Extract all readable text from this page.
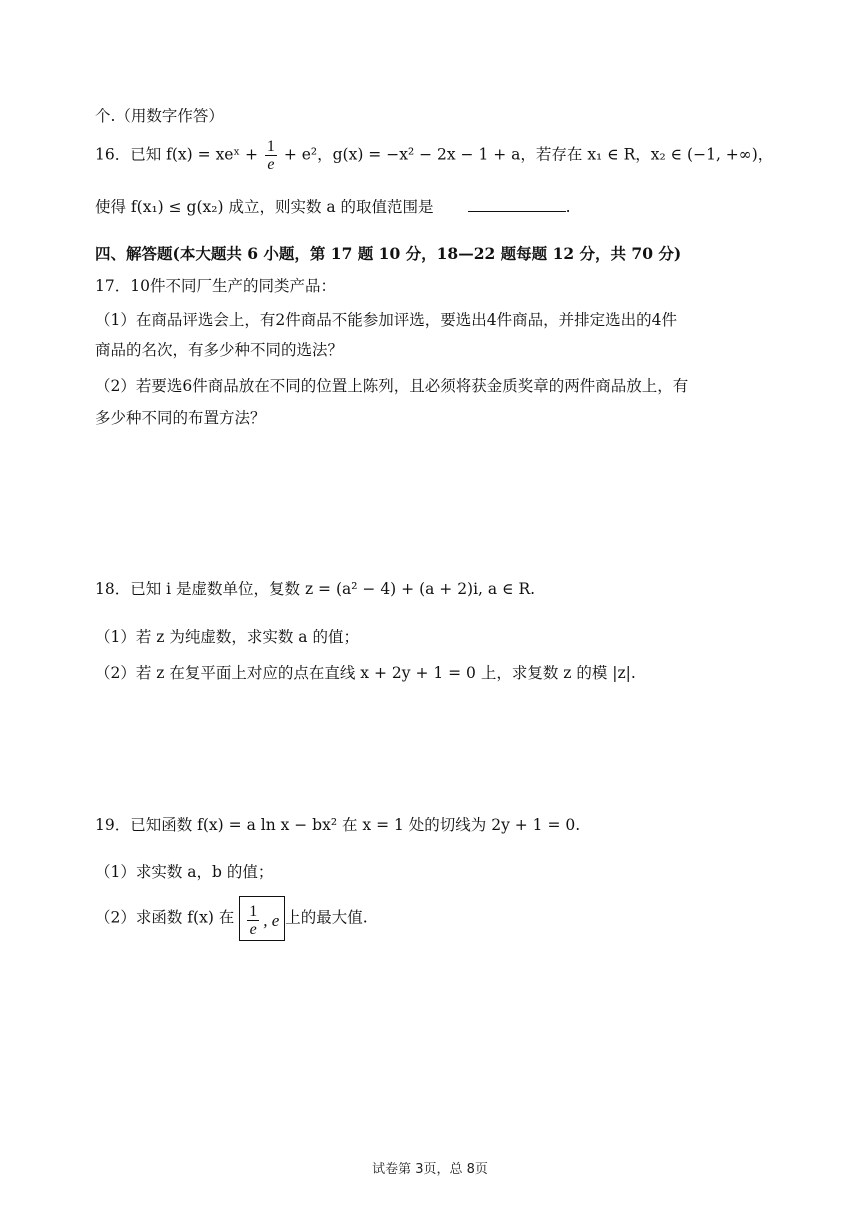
个.（用数字作答）
16．已知 f(x) = xeˣ + $\frac{1}{e} + e^2$，g(x) = −x² − 2x − 1 + a，若存在 x₁ ∈ R，x₂ ∈ (−1, +∞)，
使得 f(x₁) ≤ g(x₂) 成立，则实数 a 的取值范围是	.
四、解答题(本大题共 6 小题，第 17 题 10 分，18—22 题每题 12 分，共 70 分)
17．10件不同厂生产的同类产品：
（1）在商品评选会上，有2件商品不能参加评选，要选出4件商品，并排定选出的4件
商品的名次，有多少种不同的选法？
（2）若要选6件商品放在不同的位置上陈列，且必须将获金质奖章的两件商品放上，有
多少种不同的布置方法？
18．已知 i 是虚数单位，复数 z = (a² − 4) + (a + 2)i, a ∈ R.
（1）若 z 为纯虚数，求实数 a 的值；
（2）若 z 在复平面上对应的点在直线 x + 2y + 1 = 0 上，求复数 z 的模 |z|.
19．已知函数 f(x) = a ln x − bx² 在 x = 1 处的切线为 2y + 1 = 0.
（1）求实数 a，b 的值；
（2）求函数 f(x) 在 $\frac{1}{e}$ , e 上的最大值.
试卷第 3页，总 8页
